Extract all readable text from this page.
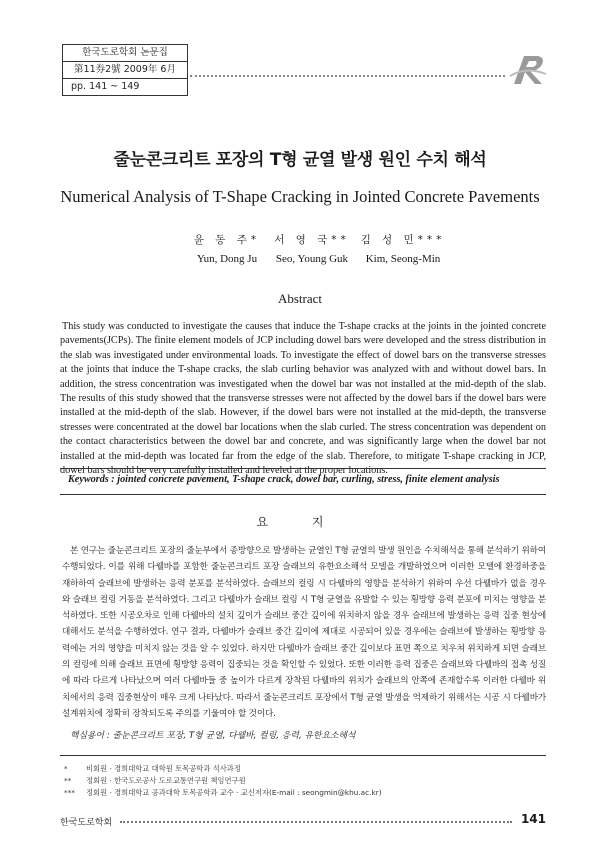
한국도로학회 논문집
第11券2號 2009年 6月
pp. 141 ~ 149
줄눈콘크리트 포장의 T형 균열 발생 원인 수치 해석
Numerical Analysis of T-Shape Cracking in Jointed Concrete Pavements
윤 동 주*
Yun, Dong Ju
서 영 국**
Seo, Young Guk
김 성 민***
Kim, Seong-Min
Abstract
This study was conducted to investigate the causes that induce the T-shape cracks at the joints in the jointed concrete pavements(JCPs). The finite element models of JCP including dowel bars were developed and the stress distribution in the slab was investigated under environmental loads. To investigate the effect of dowel bars on the transverse stresses at the joints that induce the T-shape cracks, the slab curling behavior was analyzed with and without dowel bars. In addition, the stress concentration was investigated when the dowel bar was not installed at the mid-depth of the slab. The results of this study showed that the transverse stresses were not affected by the dowel bars if the dowel bars were installed at the mid-depth of the slab. However, if the dowel bars were not installed at the mid-depth, the transverse stresses were concentrated at the dowel bar locations when the slab curled. The stress concentration was dependent on the contact characteristics between the dowel bar and concrete, and was significantly large when the dowel bar not installed at the mid-depth was located far from the edge of the slab. Therefore, to mitigate T-shape cracking in JCP, dowel bars should be very carefully installed and leveled at the proper locations.
Keywords : jointed concrete pavement, T-shape crack, dowel bar, curling, stress, finite element analysis
요 지
본 연구는 줄눈콘크리트 포장의 줄눈부에서 종방향으로 발생하는 균열인 T형 균열의 발생 원인을 수치해석을 통해 분석하기 위하여 수행되었다. 이를 위해 다웰바를 포함한 줄눈콘크리트 포장 슬래브의 유한요소해석 모델을 개발하였으며 이러한 모델에 환경하중을 재하하여 슬래브에 발생하는 응력 분포를 분석하였다. 슬래브의 컬링 시 다웰바의 영향을 분석하기 위하여 우선 다웰바가 없을 경우와 슬래브 컬링 거동을 분석하였다. 그리고 다웰바가 슬래브 컬링 시 T형 균열을 유발할 수 있는 횡방향 응력 분포에 미치는 영향을 분석하였다. 또한 시공오차로 인해 다웰바의 설치 깊이가 슬래브 중간 깊이에 위치하지 않을 경우 슬래브에 발생하는 응력 집중 현상에 대해서도 분석을 수행하였다. 연구 결과, 다웰바가 슬래브 중간 깊이에 제대로 시공되어 있을 경우에는 슬래브에 발생하는 횡방향 응력에는 거의 영향을 미치지 않는 것을 알 수 있었다. 하지만 다웰바가 슬래브 중간 깊이보다 표면 쪽으로 치우쳐 위치하게 되면 슬래브의 컬링에 의해 슬래브 표면에 횡방향 응력이 집중되는 것을 확인할 수 있었다. 또한 이러한 응력 집중은 슬래브와 다웰바의 접촉 성질에 따라 다르게 나타났으며 여러 다웰바들 중 높이가 다르게 장착된 다웰바의 위치가 슬래브의 안쪽에 존재할수록 이러한 다웰바 위치에서의 응력 집중현상이 매우 크게 나타났다. 따라서 줄눈콘크리트 포장에서 T형 균열 발생을 억제하기 위해서는 시공 시 다웰바가 설계위치에 정확히 장착되도록 주의를 기울여야 할 것이다.
핵심용어 : 줄눈콘크리트 포장, T형 균열, 다웰바, 컬링, 응력, 유한요소해석
*	비회원 · 경희대학교 대학원 토목공학과 석사과정
**	정회원 · 한국도로공사 도로교통연구원 책임연구원
***	정회원 · 경희대학교 공과대학 토목공학과 교수 · 교신저자(E-mail : seongmin@khu.ac.kr)
한국도로학회	141
